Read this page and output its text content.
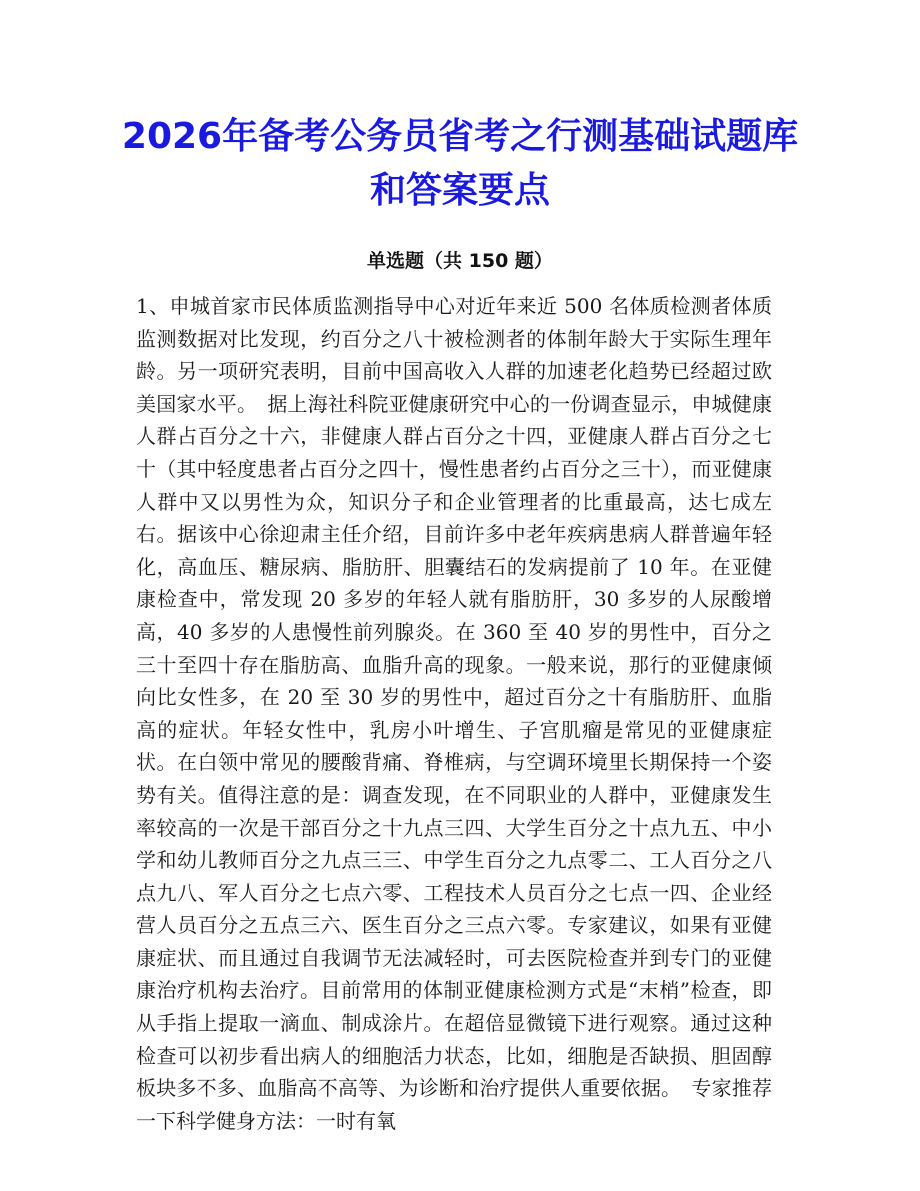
2026年备考公务员省考之行测基础试题库和答案要点
单选题（共 150 题）

1、申城首家市民体质监测指导中心对近年来近 500 名体质检测者体质监测数据对比发现，约百分之八十被检测者的体制年龄大于实际生理年龄。另一项研究表明，目前中国高收入人群的加速老化趋势已经超过欧美国家水平。　据上海社科院亚健康研究中心的一份调查显示，申城健康人群占百分之十六，非健康人群占百分之十四，亚健康人群占百分之七十（其中轻度患者占百分之四十，慢性患者约占百分之三十），而亚健康人群中又以男性为众，知识分子和企业管理者的比重最高，达七成左右。据该中心徐迎肃主任介绍，目前许多中老年疾病患病人群普遍年轻化，高血压、糖尿病、脂肪肝、胆囊结石的发病提前了 10 年。在亚健康检查中，常发现 20 多岁的年轻人就有脂肪肝，30 多岁的人尿酸增高，40 多岁的人患慢性前列腺炎。在 360 至 40 岁的男性中，百分之三十至四十存在脂肪高、血脂升高的现象。一般来说，那行的亚健康倾向比女性多，在 20 至 30 岁的男性中，超过百分之十有脂肪肝、血脂高的症状。年轻女性中，乳房小叶增生、子宫肌瘤是常见的亚健康症状。在白领中常见的腰酸背痛、脊椎病，与空调环境里长期保持一个姿势有关。值得注意的是：调查发现，在不同职业的人群中，亚健康发生率较高的一次是干部百分之十九点三四、大学生百分之十点九五、中小学和幼儿教师百分之九点三三、中学生百分之九点零二、工人百分之八点九八、军人百分之七点六零、工程技术人员百分之七点一四、企业经营人员百分之五点三六、医生百分之三点六零。专家建议，如果有亚健康症状、而且通过自我调节无法减轻时，可去医院检查并到专门的亚健康治疗机构去治疗。目前常用的体制亚健康检测方式是“末梢”检查，即从手指上提取一滴血、制成涂片。在超倍显微镜下进行观察。通过这种检查可以初步看出病人的细胞活力状态，比如，细胞是否缺损、胆固醇板块多不多、血脂高不高等、为诊断和治疗提供人重要依据。　专家推荐一下科学健身方法：一时有氧
